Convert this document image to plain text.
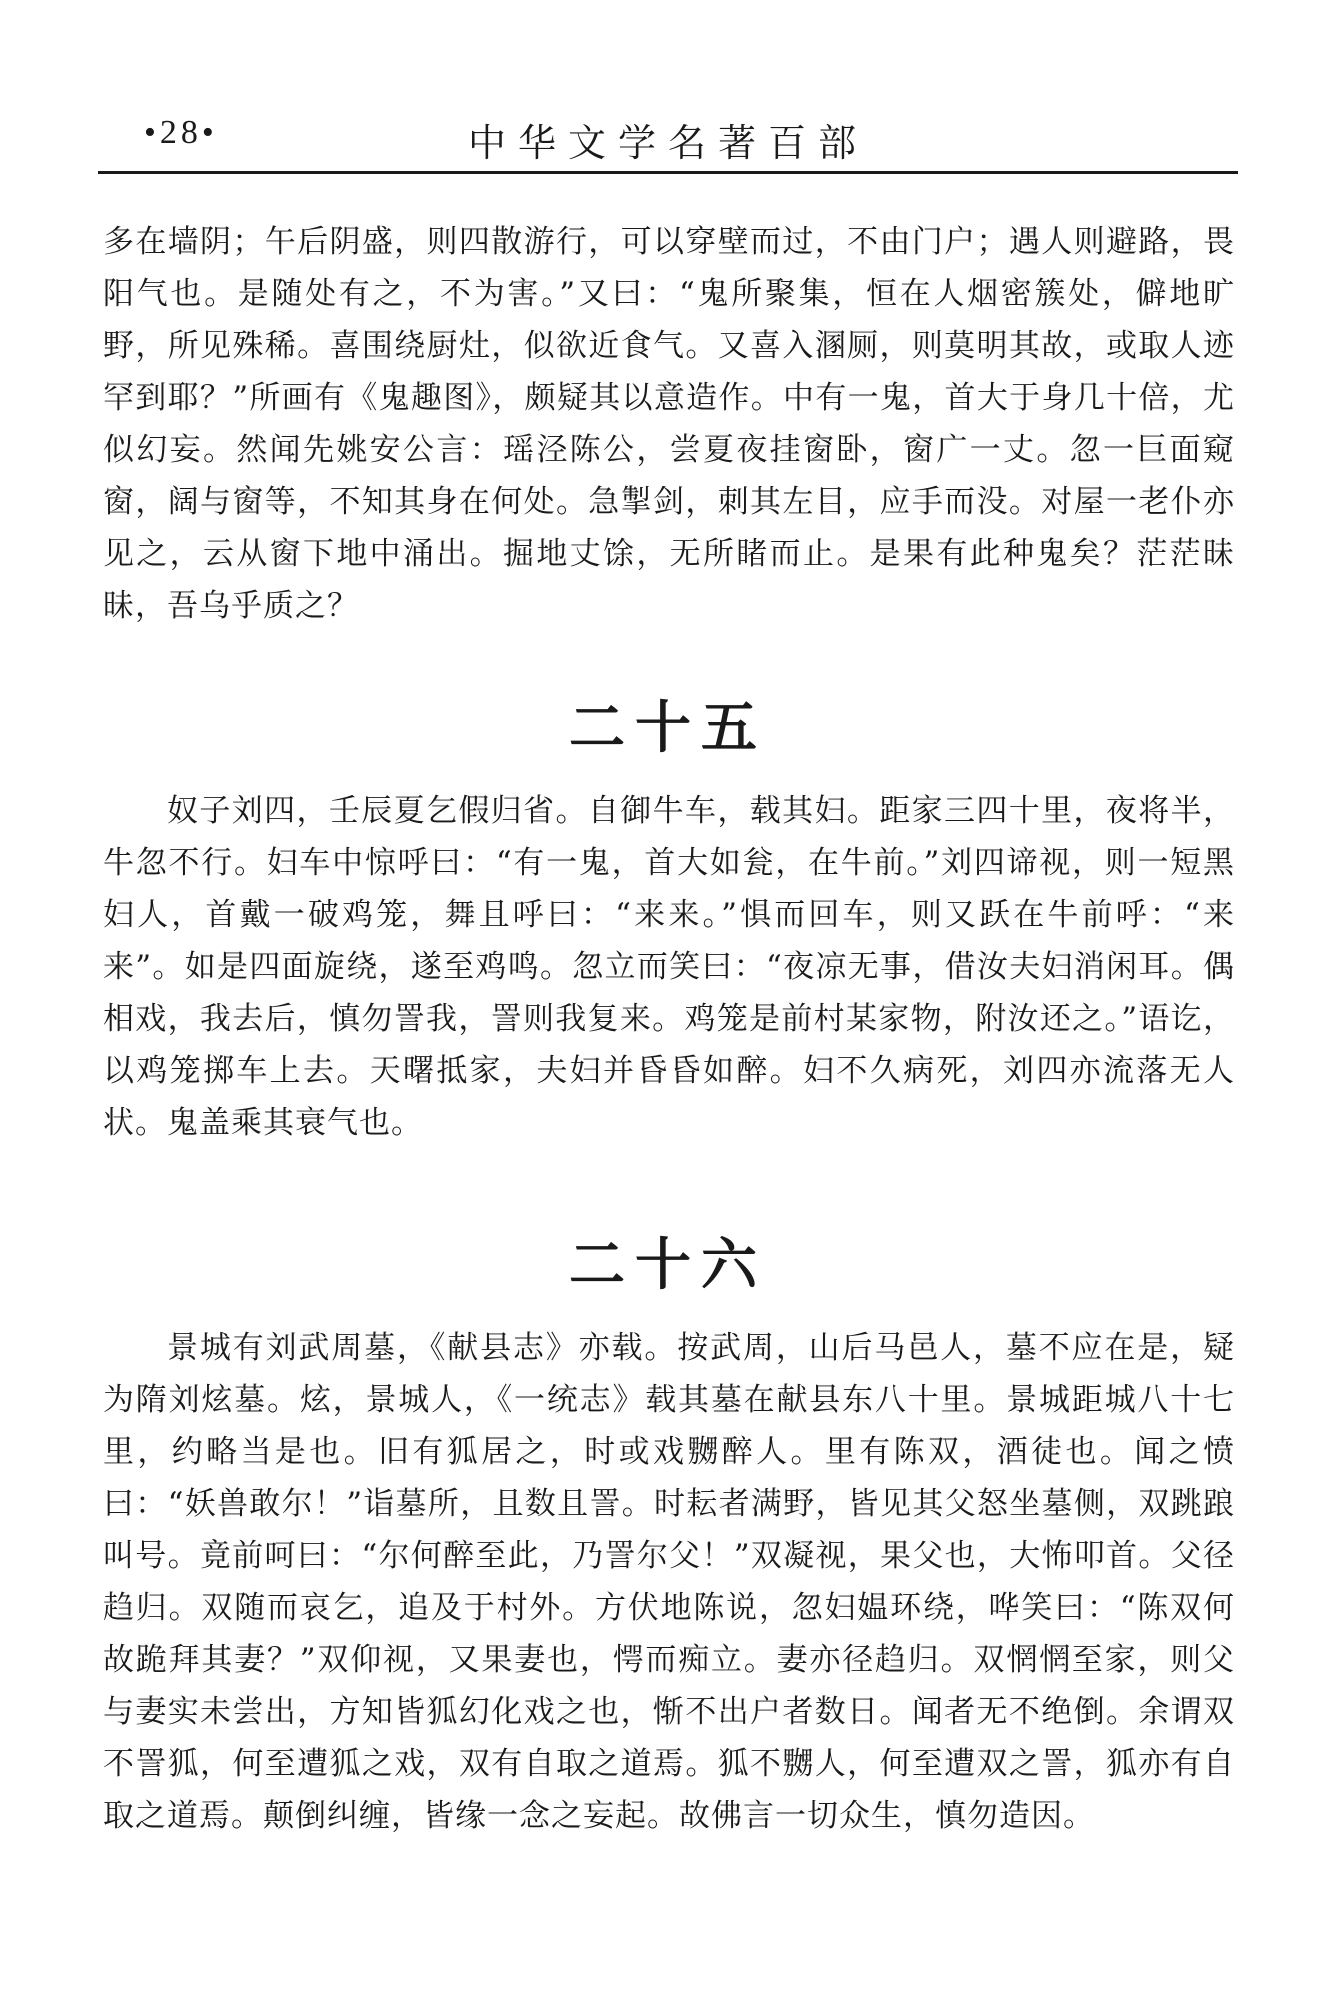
•28•	中华文学名著百部

多在墙阴；午后阴盛，则四散游行，可以穿壁而过，不由门户；遇人则避路，畏阳气也。是随处有之，不为害。”又曰：“鬼所聚集，恒在人烟密簇处，僻地旷野，所见殊稀。喜围绕厨灶，似欲近食气。又喜入溷厕，则莫明其故，或取人迹罕到耶？”所画有《鬼趣图》，颇疑其以意造作。中有一鬼，首大于身几十倍，尤似幻妄。然闻先姚安公言：瑶泾陈公，尝夏夜挂窗卧，窗广一丈。忽一巨面窥窗，阔与窗等，不知其身在何处。急掣剑，刺其左目，应手而没。对屋一老仆亦见之，云从窗下地中涌出。掘地丈馀，无所睹而止。是果有此种鬼矣？茫茫昧昧，吾乌乎质之？

二十五

奴子刘四，壬辰夏乞假归省。自御牛车，载其妇。距家三四十里，夜将半，牛忽不行。妇车中惊呼曰：“有一鬼，首大如瓮，在牛前。”刘四谛视，则一短黑妇人，首戴一破鸡笼，舞且呼曰：“来来。”惧而回车，则又跃在牛前呼：“来来”。如是四面旋绕，遂至鸡鸣。忽立而笑曰：“夜凉无事，借汝夫妇消闲耳。偶相戏，我去后，慎勿詈我，詈则我复来。鸡笼是前村某家物，附汝还之。”语讫，以鸡笼掷车上去。天曙抵家，夫妇并昏昏如醉。妇不久病死，刘四亦流落无人状。鬼盖乘其衰气也。

二十六

景城有刘武周墓，《献县志》亦载。按武周，山后马邑人，墓不应在是，疑为隋刘炫墓。炫，景城人，《一统志》载其墓在献县东八十里。景城距城八十七里，约略当是也。旧有狐居之，时或戏嬲醉人。里有陈双，酒徒也。闻之愤曰：“妖兽敢尔！”诣墓所，且数且詈。时耘者满野，皆见其父怒坐墓侧，双跳踉叫号。竟前呵曰：“尔何醉至此，乃詈尔父！”双凝视，果父也，大怖叩首。父径趋归。双随而哀乞，追及于村外。方伏地陈说，忽妇媪环绕，哗笑曰：“陈双何故跪拜其妻？”双仰视，又果妻也，愕而痴立。妻亦径趋归。双惘惘至家，则父与妻实未尝出，方知皆狐幻化戏之也，惭不出户者数日。闻者无不绝倒。余谓双不詈狐，何至遭狐之戏，双有自取之道焉。狐不嬲人，何至遭双之詈，狐亦有自取之道焉。颠倒纠缠，皆缘一念之妄起。故佛言一切众生，慎勿造因。
